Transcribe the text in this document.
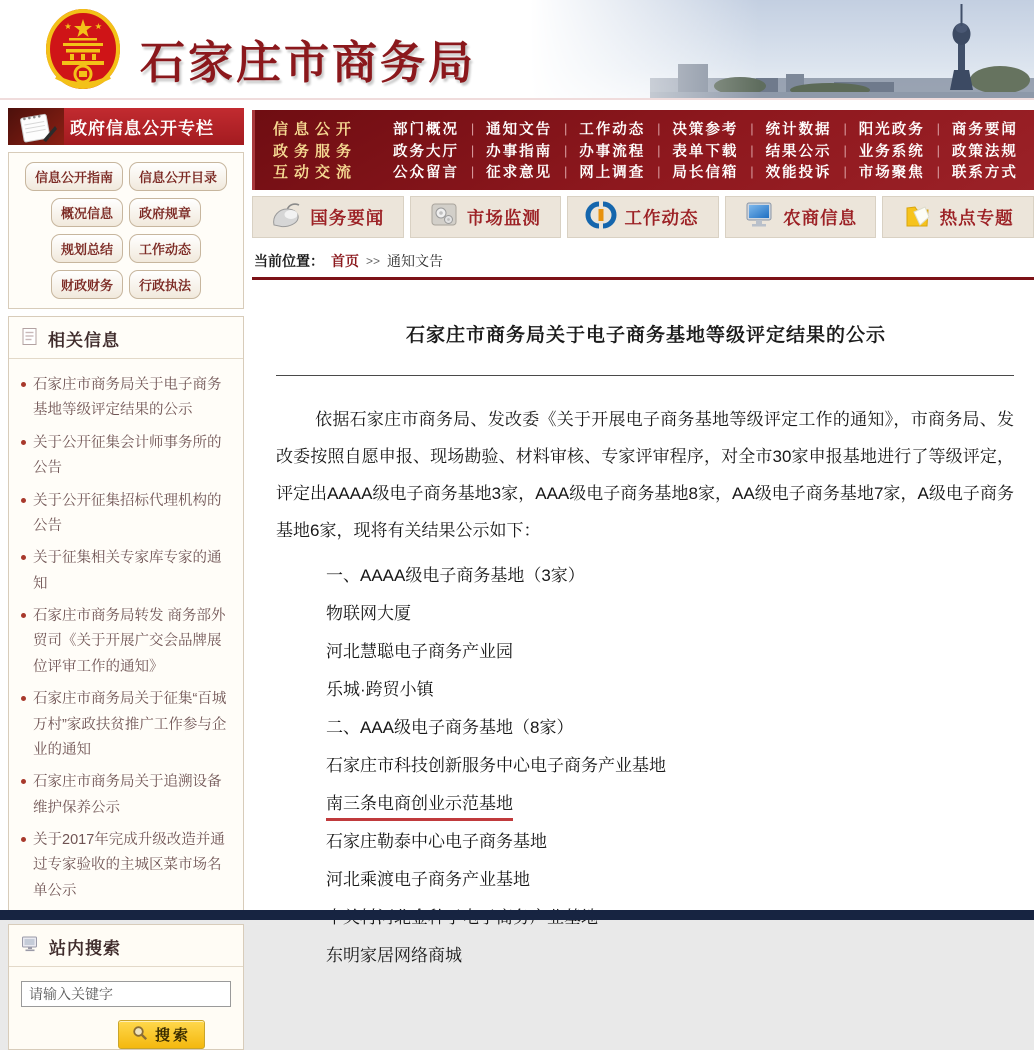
石家庄市商务局
政府信息公开专栏
信息公开指南	信息公开目录
概况信息	政府规章
规划总结	工作动态
财政财务	行政执法
相关信息
石家庄市商务局关于电子商务基地等级评定结果的公示
关于公开征集会计师事务所的公告
关于公开征集招标代理机构的公告
关于征集相关专家库专家的通知
石家庄市商务局转发 商务部外贸司《关于开展广交会品牌展位评审工作的通知》
石家庄市商务局关于征集“百城万村”家政扶贫推广工作参与企业的通知
石家庄市商务局关于追溯设备维护保养公示
关于2017年完成升级改造并通过专家验收的主城区菜市场名单公示
站内搜索
请输入关键字
搜索
信息公开	部门概况 | 通知文告 | 工作动态 | 决策参考 | 统计数据 | 阳光政务 | 商务要闻
政务服务	政务大厅 | 办事指南 | 办事流程 | 表单下载 | 结果公示 | 业务系统 | 政策法规
互动交流	公众留言 | 征求意见 | 网上调查 | 局长信箱 | 效能投诉 | 市场聚焦 | 联系方式
国务要闻	市场监测	工作动态	农商信息	热点专题
当前位置： 首页 >> 通知文告
石家庄市商务局关于电子商务基地等级评定结果的公示

依据石家庄市商务局、发改委《关于开展电子商务基地等级评定工作的通知》，市商务局、发改委按照自愿申报、现场勘验、材料审核、专家评审程序，对全市30家申报基地进行了等级评定，评定出AAAA级电子商务基地3家，AAA级电子商务基地8家，AA级电子商务基地7家，A级电子商务基地6家，现将有关结果公示如下：

一、AAAA级电子商务基地（3家）
物联网大厦
河北慧聪电子商务产业园
乐城·跨贸小镇
二、AAA级电子商务基地（8家）
石家庄市科技创新服务中心电子商务产业基地
南三条电商创业示范基地
石家庄勒泰中心电子商务基地
河北乘渡电子商务产业基地
东明家居网络商城
